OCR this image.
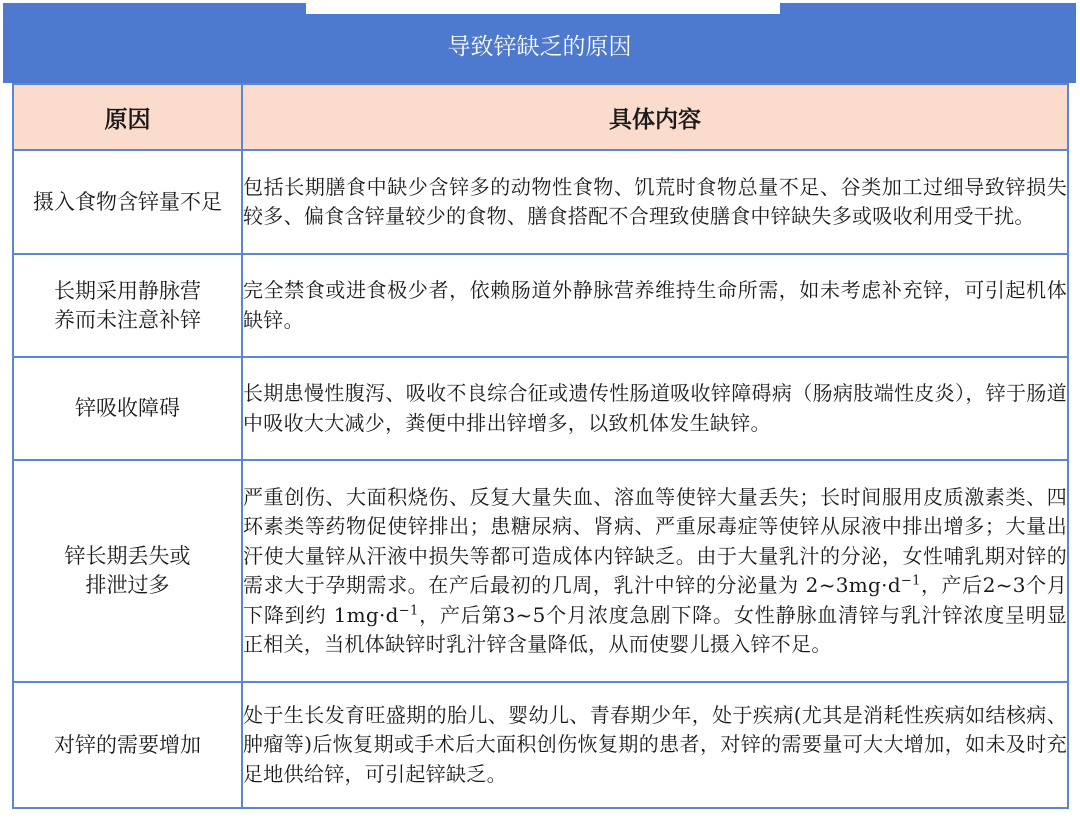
导致锌缺乏的原因
原因	具体内容
摄入食物含锌量不足	包括长期膳食中缺少含锌多的动物性食物、饥荒时食物总量不足、谷类加工过细导致锌损失较多、偏食含锌量较少的食物、膳食搭配不合理致使膳食中锌缺失多或吸收利用受干扰。
长期采用静脉营养而未注意补锌	完全禁食或进食极少者，依赖肠道外静脉营养维持生命所需，如未考虑补充锌，可引起机体缺锌。
锌吸收障碍	长期患慢性腹泻、吸收不良综合征或遗传性肠道吸收锌障碍病（肠病肢端性皮炎），锌于肠道中吸收大大减少，粪便中排出锌增多，以致机体发生缺锌。
锌长期丢失或排泄过多	严重创伤、大面积烧伤、反复大量失血、溶血等使锌大量丢失；长时间服用皮质激素类、四环素类等药物促使锌排出；患糖尿病、肾病、严重尿毒症等使锌从尿液中排出增多；大量出汗使大量锌从汗液中损失等都可造成体内锌缺乏。由于大量乳汁的分泌，女性哺乳期对锌的需求大于孕期需求。在产后最初的几周，乳汁中锌的分泌量为 $2\sim 3mg\cdot d^{-1}$，产后2~3个月下降到约 $1mg\cdot d^{-1}$，产后第3~5个月浓度急剧下降。女性静脉血清锌与乳汁锌浓度呈明显正相关，当机体缺锌时乳汁锌含量降低，从而使婴儿摄入锌不足。
对锌的需要增加	处于生长发育旺盛期的胎儿、婴幼儿、青春期少年，处于疾病(尤其是消耗性疾病如结核病、肿瘤等)后恢复期或手术后大面积创伤恢复期的患者，对锌的需要量可大大增加，如未及时充足地供给锌，可引起锌缺乏。
